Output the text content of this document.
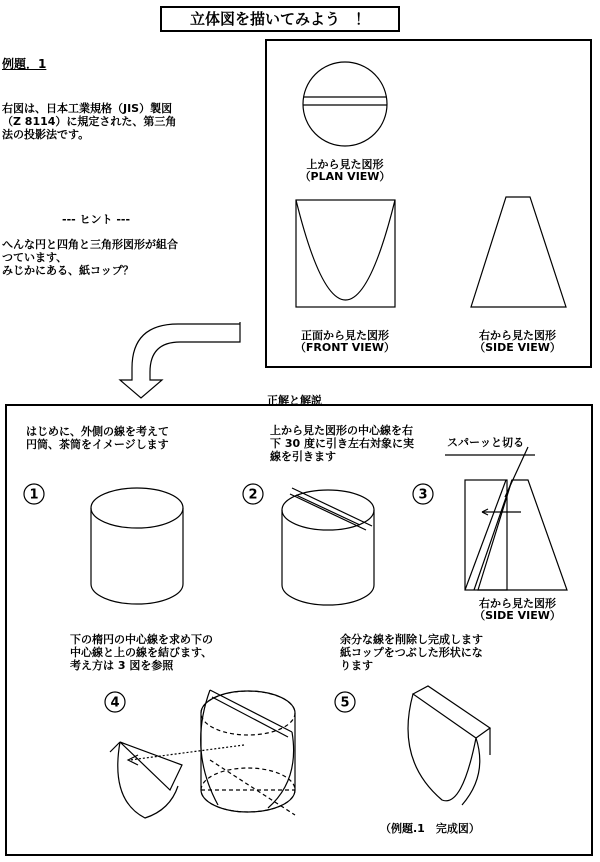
立体図を描いてみよう　！
例題．1
右図は、日本工業規格（JIS）製図
（Z 8114）に規定された、第三角
法の投影法です。
--- ヒント ---
へんな円と四角と三角形図形が組合
つています、
みじかにある、紙コップ？
正解と解説
1	2	3
4	5
上から見た図形
（PLAN VIEW）
正面から見た図形
（FRONT VIEW）
右から見た図形
（SIDE VIEW）
はじめに、外側の線を考えて
円筒、茶筒をイメージします
上から見た図形の中心線を右
下 30 度に引き左右対象に実
線を引きます
スパーッと切る
右から見た図形
（SIDE VIEW）
下の楕円の中心線を求め下の
中心線と上の線を結びます、
考え方は 3 図を参照
余分な線を削除し完成します
紙コップをつぶした形状にな
ります
（例題.1　完成図）
